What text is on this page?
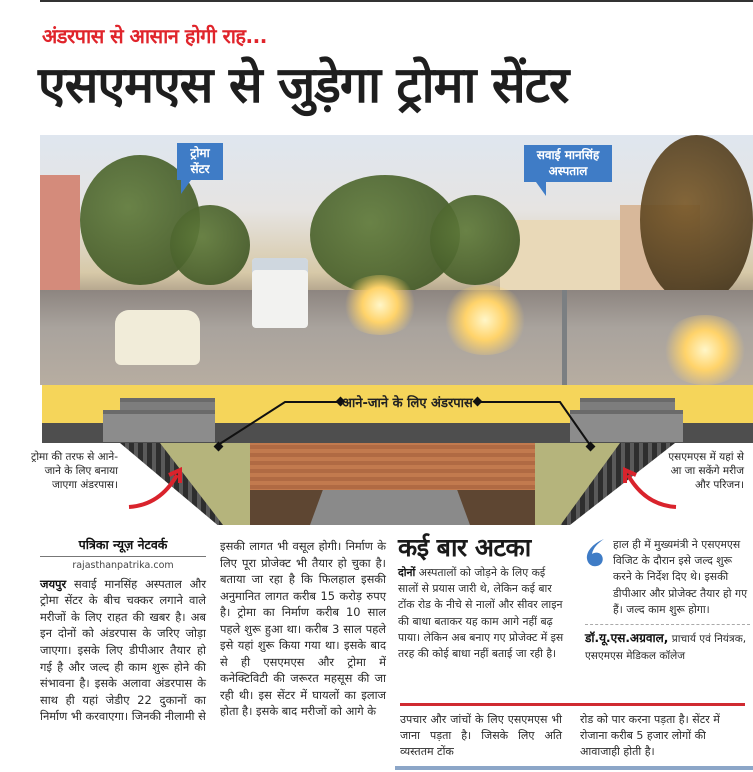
अंडरपास से आसान होगी राह...
एसएमएस से जुड़ेगा ट्रोमा सेंटर
ट्रोमा
सेंटर
सवाई मानसिंह
अस्पताल
आने-जाने के लिए अंडरपास
ट्रोमा की तरफ से आने-जाने के लिए बनाया जाएगा अंडरपास।
एसएमएस में यहां से आ जा सकेंगे मरीज और परिजन।
पत्रिका न्यूज़ नेटवर्क
rajasthanpatrika.com

जयपुर सवाई मानसिंह अस्पताल और ट्रोमा सेंटर के बीच चक्कर लगाने वाले मरीजों के लिए राहत की खबर है। अब इन दोनों को अंडरपास के जरिए जोड़ा जाएगा। इसके लिए डीपीआर तैयार हो गई है और जल्द ही काम शुरू होने की संभावना है। इसके अलावा अंडरपास के साथ ही यहां जेडीए 22 दुकानों का निर्माण भी करवाएगा। जिनकी नीलामी से

इसकी लागत भी वसूल होगी। निर्माण के लिए पूरा प्रोजेक्ट भी तैयार हो चुका है। बताया जा रहा है कि फिलहाल इसकी अनुमानित लागत करीब 15 करोड़ रुपए है। ट्रोमा का निर्माण करीब 10 साल पहले शुरू हुआ था। करीब 3 साल पहले इसे यहां शुरू किया गया था। इसके बाद से ही एसएमएस और ट्रोमा में कनेक्टिविटी की जरूरत महसूस की जा रही थी। इस सेंटर में घायलों का इलाज होता है। इसके बाद मरीजों को आगे के

कई बार अटका
दोनों अस्पतालों को जोड़ने के लिए कई सालों से प्रयास जारी थे, लेकिन कई बार टोंक रोड के नीचे से नालों और सीवर लाइन की बाधा बताकर यह काम आगे नहीं बढ़ पाया। लेकिन अब बनाए गए प्रोजेक्ट में इस तरह की कोई बाधा नहीं बताई जा रही है।

हाल ही में मुख्यमंत्री ने एसएमएस विजिट के दौरान इसे जल्द शुरू करने के निर्देश दिए थे। इसकी डीपीआर और प्रोजेक्ट तैयार हो गए हैं। जल्द काम शुरू होगा।

डॉ.यू.एस.अग्रवाल, प्राचार्य एवं नियंत्रक, एसएमएस मेडिकल कॉलेज

उपचार और जांचों के लिए एसएमएस भी जाना पड़ता है। जिसके लिए अति व्यस्ततम टोंक

रोड को पार करना पड़ता है। सेंटर में रोजाना करीब 5 हजार लोगों की आवाजाही होती है।
